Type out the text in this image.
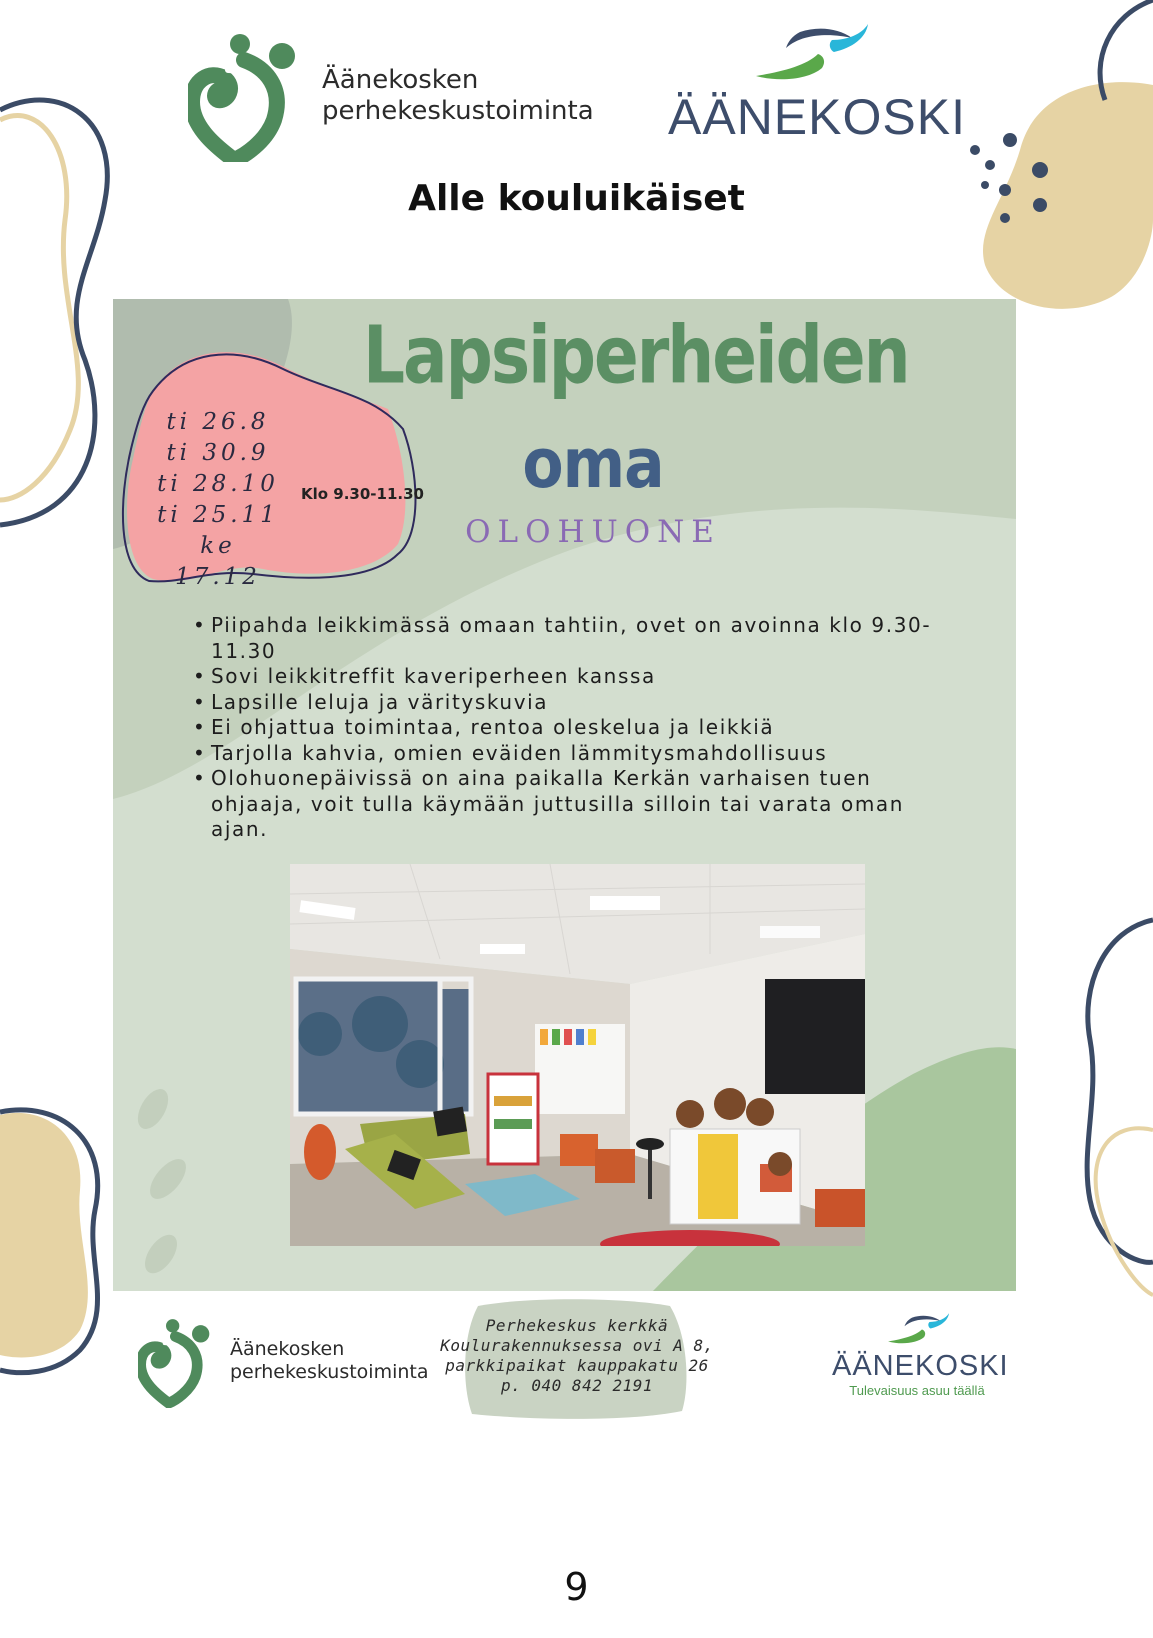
Äänekosken
perhekeskustoiminta ÄÄNEKOSKI
Alle kouluikäiset
Lapsiperheiden
oma
OLOHUONE
ti 26.8
ti 30.9
ti 28.10
ti 25.11
ke 17.12
Klo 9.30-11.30
• Piipahda leikkimässä omaan tahtiin, ovet on avoinna klo 9.30-11.30
• Sovi leikkitreffit kaveriperheen kanssa
• Lapsille leluja ja värityskuvia
• Ei ohjattua toimintaa, rentoa oleskelua ja leikkiä
• Tarjolla kahvia, omien eväiden lämmitysmahdollisuus
• Olohuonepäivissä on aina paikalla Kerkän varhaisen tuen ohjaaja, voit tulla käymään juttusilla silloin tai varata oman ajan.
Äänekosken
perhekeskustoiminta
Perhekeskus kerkkä
Koulurakennuksessa ovi A 8,
parkkipaikat kauppakatu 26
p. 040 842 2191
ÄÄNEKOSKI
Tulevaisuus asuu täällä
9
